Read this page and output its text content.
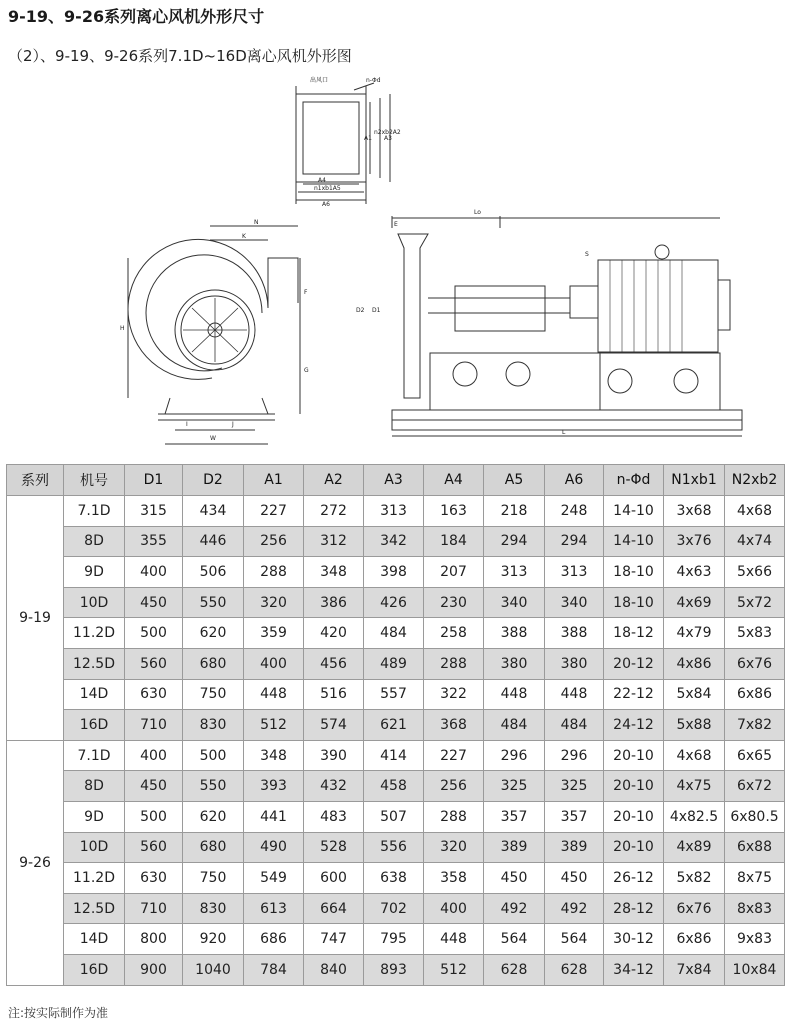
9-19、9-26系列离心风机外形尺寸
（2）、9-19、9-26系列7.1D~16D离心风机外形图
出风口	n-Φd
A1
n2xb2A2
A3
A4
n1xb1A5
A6
N
K
H
F
G
I	J
W
E
Lo
S
D1
D2
L
系列	机号	D1	D2	A1	A2	A3	A4	A5	A6	n-Φd	N1xb1	N2xb2
9-19	7.1D	315	434	227	272	313	163	218	248	14-10	3x68	4x68
	8D	355	446	256	312	342	184	294	294	14-10	3x76	4x74
	9D	400	506	288	348	398	207	313	313	18-10	4x63	5x66
	10D	450	550	320	386	426	230	340	340	18-10	4x69	5x72
	11.2D	500	620	359	420	484	258	388	388	18-12	4x79	5x83
	12.5D	560	680	400	456	489	288	380	380	20-12	4x86	6x76
	14D	630	750	448	516	557	322	448	448	22-12	5x84	6x86
	16D	710	830	512	574	621	368	484	484	24-12	5x88	7x82
9-26	7.1D	400	500	348	390	414	227	296	296	20-10	4x68	6x65
	8D	450	550	393	432	458	256	325	325	20-10	4x75	6x72
	9D	500	620	441	483	507	288	357	357	20-10	4x82.5	6x80.5
	10D	560	680	490	528	556	320	389	389	20-10	4x89	6x88
	11.2D	630	750	549	600	638	358	450	450	26-12	5x82	8x75
	12.5D	710	830	613	664	702	400	492	492	28-12	6x76	8x83
	14D	800	920	686	747	795	448	564	564	30-12	6x86	9x83
	16D	900	1040	784	840	893	512	628	628	34-12	7x84	10x84
注:按实际制作为准
